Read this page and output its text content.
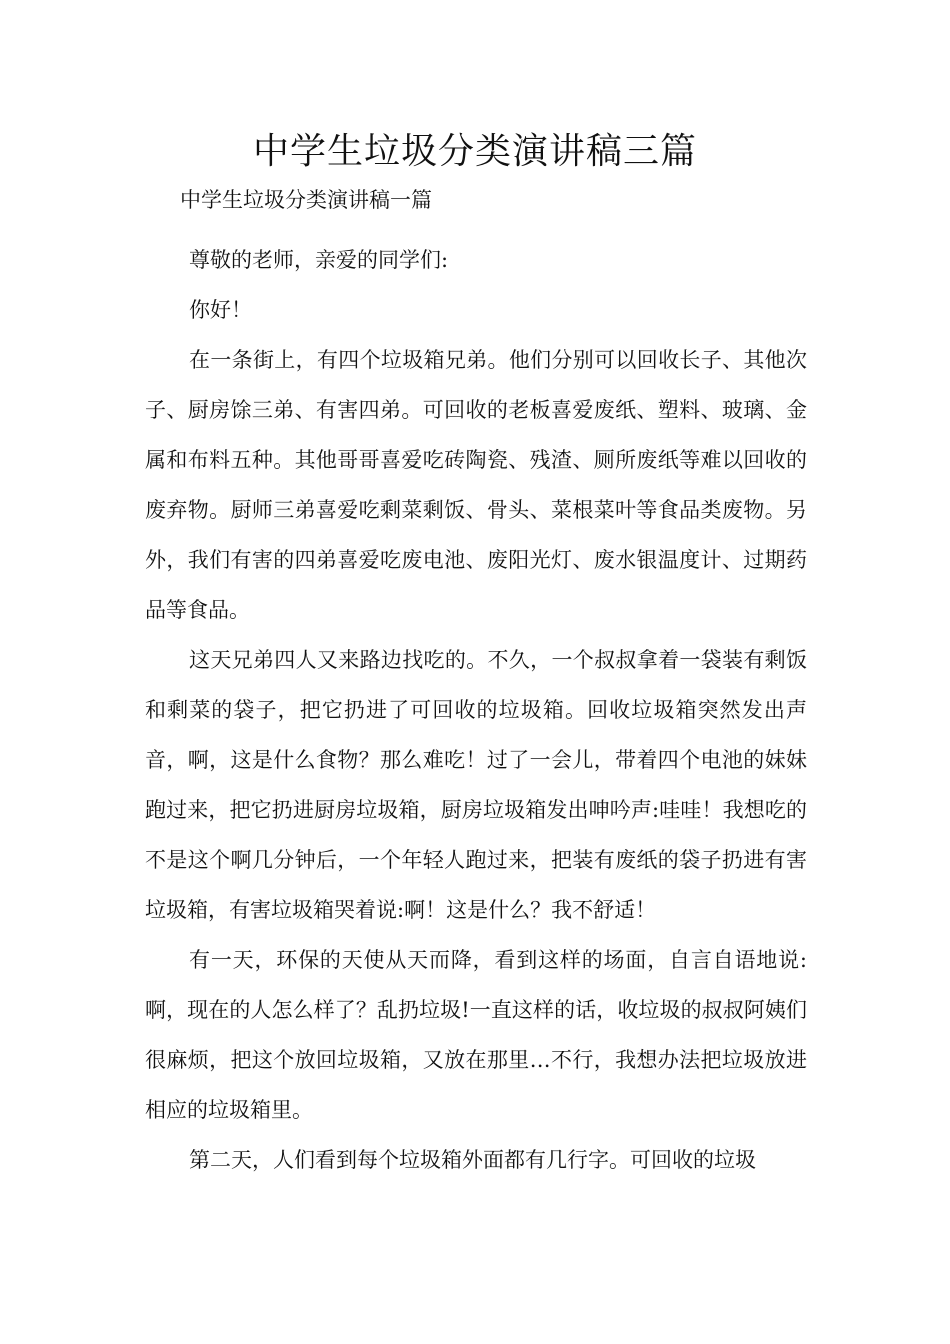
中学生垃圾分类演讲稿三篇

中学生垃圾分类演讲稿一篇

尊敬的老师，亲爱的同学们:

你好！

在一条街上，有四个垃圾箱兄弟。他们分别可以回收长子、其他次子、厨房馀三弟、有害四弟。可回收的老板喜爱废纸、塑料、玻璃、金属和布料五种。其他哥哥喜爱吃砖陶瓷、残渣、厕所废纸等难以回收的废弃物。厨师三弟喜爱吃剩菜剩饭、骨头、菜根菜叶等食品类废物。另外，我们有害的四弟喜爱吃废电池、废阳光灯、废水银温度计、过期药品等食品。

这天兄弟四人又来路边找吃的。不久，一个叔叔拿着一袋装有剩饭和剩菜的袋子，把它扔进了可回收的垃圾箱。回收垃圾箱突然发出声音，啊，这是什么食物？那么难吃！过了一会儿，带着四个电池的妹妹跑过来，把它扔进厨房垃圾箱，厨房垃圾箱发出呻吟声:哇哇！我想吃的不是这个啊几分钟后，一个年轻人跑过来，把装有废纸的袋子扔进有害垃圾箱，有害垃圾箱哭着说:啊！这是什么？我不舒适！

有一天，环保的天使从天而降，看到这样的场面，自言自语地说:啊，现在的人怎么样了？乱扔垃圾!一直这样的话，收垃圾的叔叔阿姨们很麻烦，把这个放回垃圾箱，又放在那里…不行，我想办法把垃圾放进相应的垃圾箱里。

第二天，人们看到每个垃圾箱外面都有几行字。可回收的垃圾
